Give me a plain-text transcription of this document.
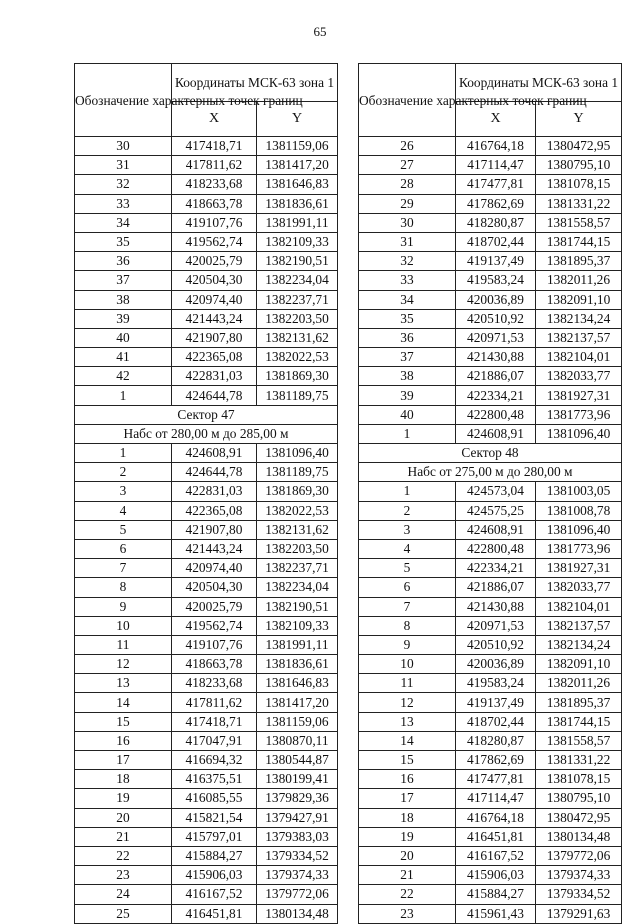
65
Обозначение характерных точек границ	Координаты МСК-63 зона 1	
	X	Y
30	417418,71	1381159,06
31	417811,62	1381417,20
32	418233,68	1381646,83
33	418663,78	1381836,61
34	419107,76	1381991,11
35	419562,74	1382109,33
36	420025,79	1382190,51
37	420504,30	1382234,04
38	420974,40	1382237,71
39	421443,24	1382203,50
40	421907,80	1382131,62
41	422365,08	1382022,53
42	422831,03	1381869,30
1	424644,78	1381189,75
Сектор 47		
Набс от 280,00 м до 285,00 м		
1	424608,91	1381096,40
2	424644,78	1381189,75
3	422831,03	1381869,30
4	422365,08	1382022,53
5	421907,80	1382131,62
6	421443,24	1382203,50
7	420974,40	1382237,71
8	420504,30	1382234,04
9	420025,79	1382190,51
10	419562,74	1382109,33
11	419107,76	1381991,11
12	418663,78	1381836,61
13	418233,68	1381646,83
14	417811,62	1381417,20
15	417418,71	1381159,06
16	417047,91	1380870,11
17	416694,32	1380544,87
18	416375,51	1380199,41
19	416085,55	1379829,36
20	415821,54	1379427,91
21	415797,01	1379383,03
22	415884,27	1379334,52
23	415906,03	1379374,33
24	416167,52	1379772,06
25	416451,81	1380134,48
Обозначение характерных точек границ	Координаты МСК-63 зона 1	
	X	Y
26	416764,18	1380472,95
27	417114,47	1380795,10
28	417477,81	1381078,15
29	417862,69	1381331,22
30	418280,87	1381558,57
31	418702,44	1381744,15
32	419137,49	1381895,37
33	419583,24	1382011,26
34	420036,89	1382091,10
35	420510,92	1382134,24
36	420971,53	1382137,57
37	421430,88	1382104,01
38	421886,07	1382033,77
39	422334,21	1381927,31
40	422800,48	1381773,96
1	424608,91	1381096,40
Сектор 48		
Набс от 275,00 м до 280,00 м		
1	424573,04	1381003,05
2	424575,25	1381008,78
3	424608,91	1381096,40
4	422800,48	1381773,96
5	422334,21	1381927,31
6	421886,07	1382033,77
7	421430,88	1382104,01
8	420971,53	1382137,57
9	420510,92	1382134,24
10	420036,89	1382091,10
11	419583,24	1382011,26
12	419137,49	1381895,37
13	418702,44	1381744,15
14	418280,87	1381558,57
15	417862,69	1381331,22
16	417477,81	1381078,15
17	417114,47	1380795,10
18	416764,18	1380472,95
19	416451,81	1380134,48
20	416167,52	1379772,06
21	415906,03	1379374,33
22	415884,27	1379334,52
23	415961,43	1379291,63
